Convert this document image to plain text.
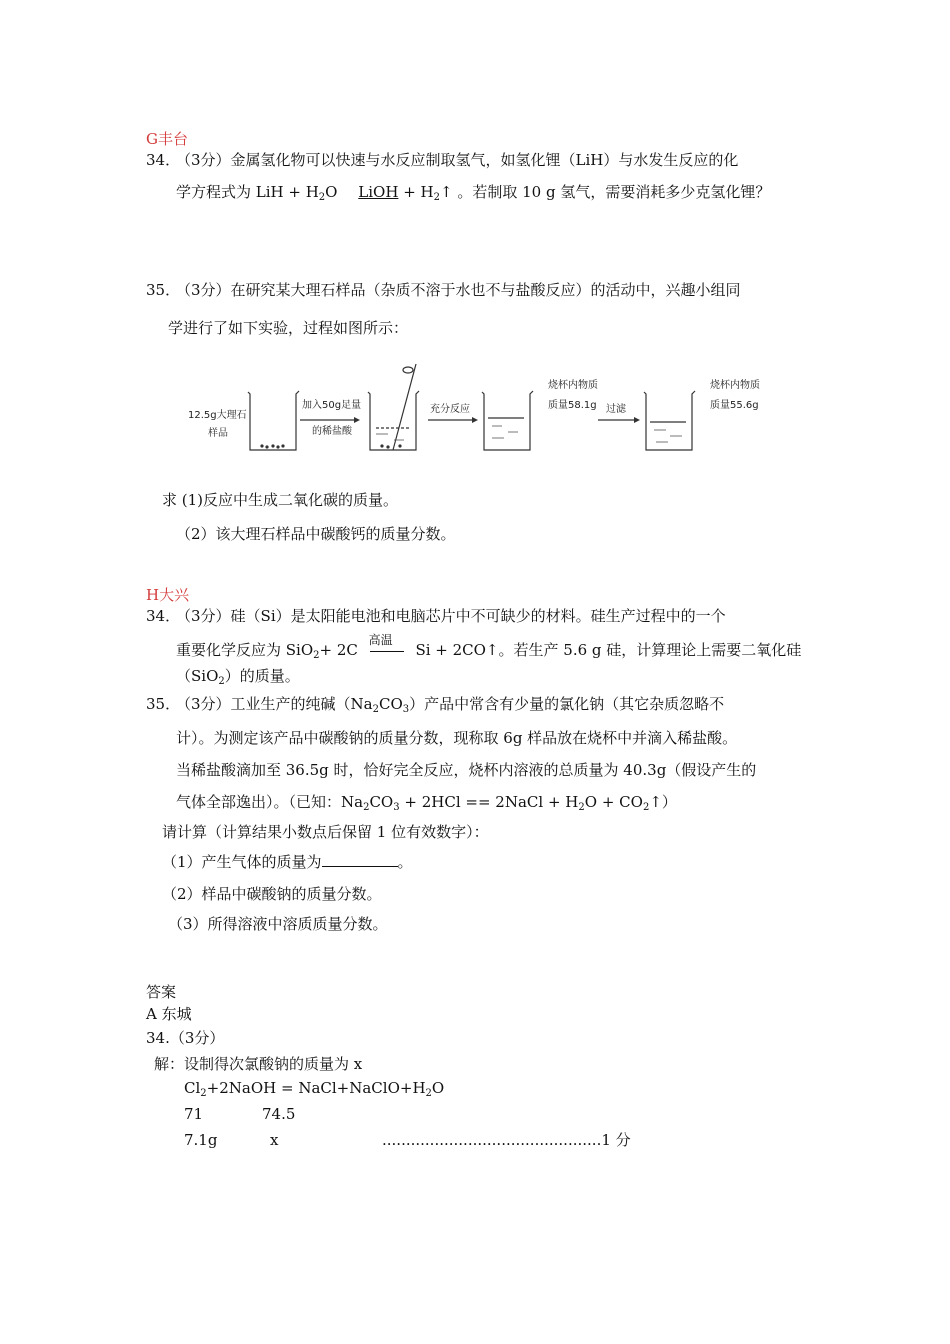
G丰台
34．
（3分）金属氢化物可以快速与水反应制取氢气，如氢化锂（LiH）与水发生反应的化
学方程式为 LiH + $H_2O$ LiOH + $H_2↑$ 。若制取 10 g 氢气，需要消耗多少克氢化锂？
35．
（3分）在研究某大理石样品（杂质不溶于水也不与盐酸反应）的活动中，兴趣小组同
学进行了如下实验，过程如图所示：
12.5g大理石
样品
加入50g足量
的稀盐酸
充分反应
烧杯内物质
质量58.1g 过滤
烧杯内物质
质量55.6g
求 (1)反应中生成二氧化碳的质量。
（2）该大理石样品中碳酸钙的质量分数。
H大兴
34．
（3分）硅（Si）是太阳能电池和电脑芯片中不可缺少的材料。硅生产过程中的一个
重要化学反应为 SiO$_2$+ 2C
高温
Si + 2CO↑。若生产 5.6 g 硅，计算理论上需要二氧化硅
（SiO$_2$）的质量。
35．
（3分）工业生产的纯碱$(Na_2CO_3)$产品中常含有少量的氯化钠（其它杂质忽略不
计）。为测定该产品中碳酸钠的质量分数，现称取 6g 样品放在烧杯中并滴入稀盐酸。
当稀盐酸滴加至 36.5g 时，恰好完全反应，烧杯内溶液的总质量为 40.3g（假设产生的
气体全部逸出）。（已知：$Na_2CO_3 + 2HCl$ == 2NaCl + $H_2O$ + $CO_2↑$）
请计算（计算结果小数点后保留 1 位有效数字）：
（1）产生气体的质量为	。
（2）样品中碳酸钠的质量分数。
（3）所得溶液中溶质质量分数。
答案
A 东城
34.（3分）
解：设制得次氯酸钠的质量为 x
$Cl_2+2NaOH$ = $NaCl+NaClO+H_2O$
71	74.5
7.1g	x	..............................................1 分
